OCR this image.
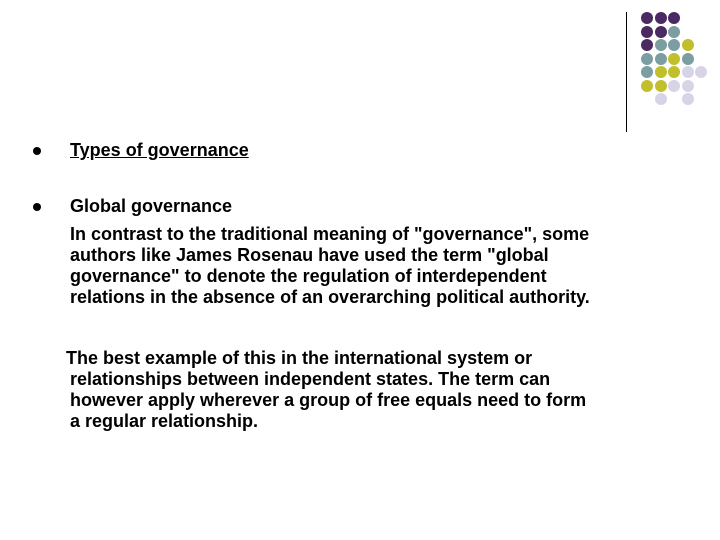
Types of governance

Global governance

In contrast to the traditional meaning of "governance", some
authors like James Rosenau have used the term "global
governance" to denote the regulation of interdependent
relations in the absence of an overarching political authority.

The best example of this in the international system or
relationships between independent states. The term can
however apply wherever a group of free equals need to form
a regular relationship.
